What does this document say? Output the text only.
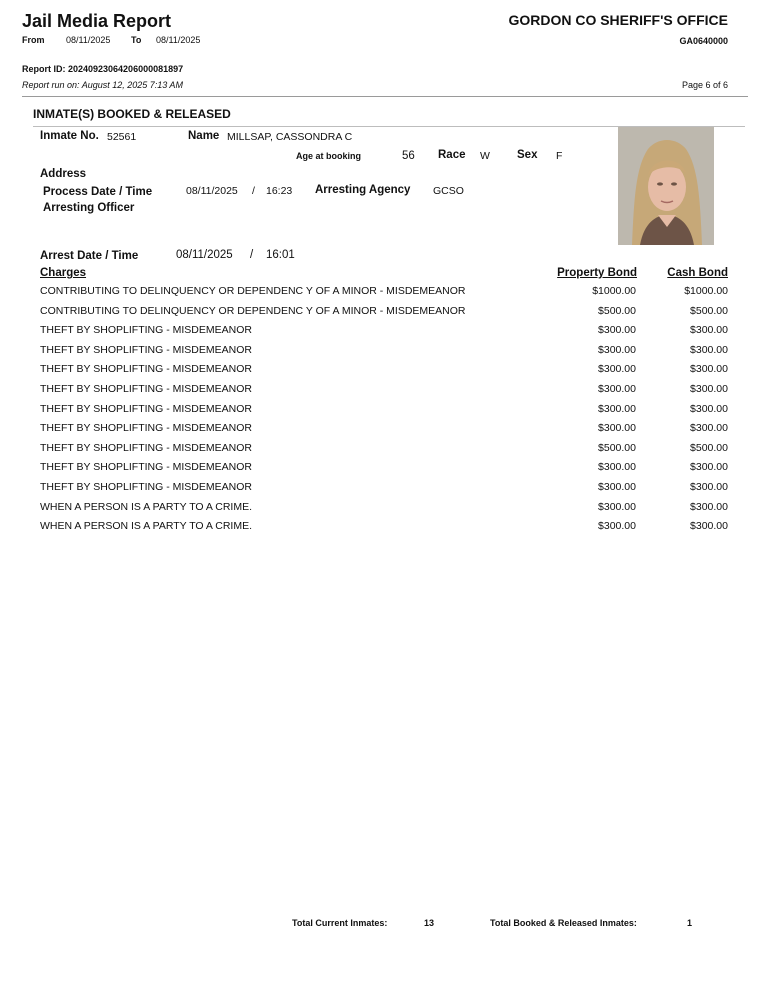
Jail Media Report	GORDON CO SHERIFF'S OFFICE
From 08/11/2025 To 08/11/2025	GA0640000
Report ID: 20240923064206000081897
Report run on: August 12, 2025 7:13 AM	Page 6 of 6
INMATE(S) BOOKED & RELEASED
Inmate No. 52561	Name MILLSAP, CASSONDRA C
Age at booking	56 Race W Sex F
Address
Process Date / Time	08/11/2025 / 16:23 Arresting Agency GCSO
Arresting Officer
Arrest Date / Time	08/11/2025 / 16:01
Charges	Property Bond	Cash Bond
CONTRIBUTING TO DELINQUENCY OR DEPENDENC Y OF A MINOR - MISDEMEANOR	$1000.00	$1000.00
CONTRIBUTING TO DELINQUENCY OR DEPENDENC Y OF A MINOR - MISDEMEANOR	$500.00	$500.00
THEFT BY SHOPLIFTING - MISDEMEANOR	$300.00	$300.00
THEFT BY SHOPLIFTING - MISDEMEANOR	$300.00	$300.00
THEFT BY SHOPLIFTING - MISDEMEANOR	$300.00	$300.00
THEFT BY SHOPLIFTING - MISDEMEANOR	$300.00	$300.00
THEFT BY SHOPLIFTING - MISDEMEANOR	$300.00	$300.00
THEFT BY SHOPLIFTING - MISDEMEANOR	$300.00	$300.00
THEFT BY SHOPLIFTING - MISDEMEANOR	$500.00	$500.00
THEFT BY SHOPLIFTING - MISDEMEANOR	$300.00	$300.00
THEFT BY SHOPLIFTING - MISDEMEANOR	$300.00	$300.00
WHEN A PERSON IS A PARTY TO A CRIME.	$300.00	$300.00
WHEN A PERSON IS A PARTY TO A CRIME.	$300.00	$300.00
Total Current Inmates:	13	Total Booked & Released Inmates:	1
